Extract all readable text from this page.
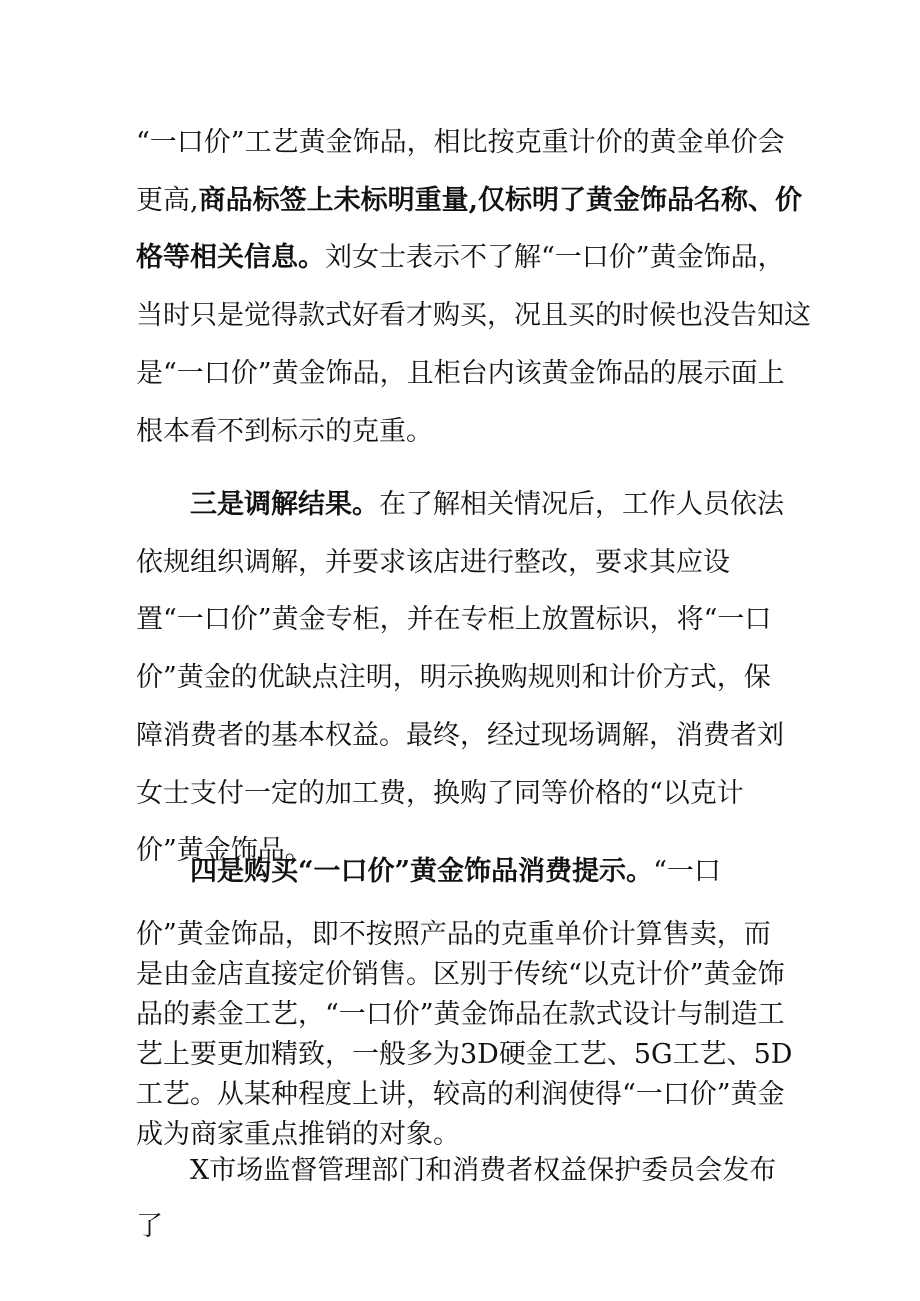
“一口价”工艺黄金饰品，相比按克重计价的黄金单价会
更高,商品标签上未标明重量,仅标明了黄金饰品名称、价
格等相关信息。刘女士表示不了解“一口价”黄金饰品，
当时只是觉得款式好看才购买，况且买的时候也没告知这
是“一口价”黄金饰品，且柜台内该黄金饰品的展示面上
根本看不到标示的克重。

三是调解结果。在了解相关情况后，工作人员依法依规组织调解，并要求该店进行整改，要求其应设置“一口价”黄金专柜，并在专柜上放置标识，将“一口价”黄金的优缺点注明，明示换购规则和计价方式，保障消费者的基本权益。最终，经过现场调解，消费者刘女士支付一定的加工费，换购了同等价格的“以克计价”黄金饰品。

四是购买“一口价”黄金饰品消费提示。“一口

价”黄金饰品，即不按照产品的克重单价计算售卖，而是由金店直接定价销售。区别于传统“以克计价”黄金饰品的素金工艺，“一口价”黄金饰品在款式设计与制造工艺上要更加精致，一般多为3D硬金工艺、5G工艺、5D工艺。从某种程度上讲，较高的利润使得“一口价”黄金成为商家重点推销的对象。

X市场监督管理部门和消费者权益保护委员会发布了
